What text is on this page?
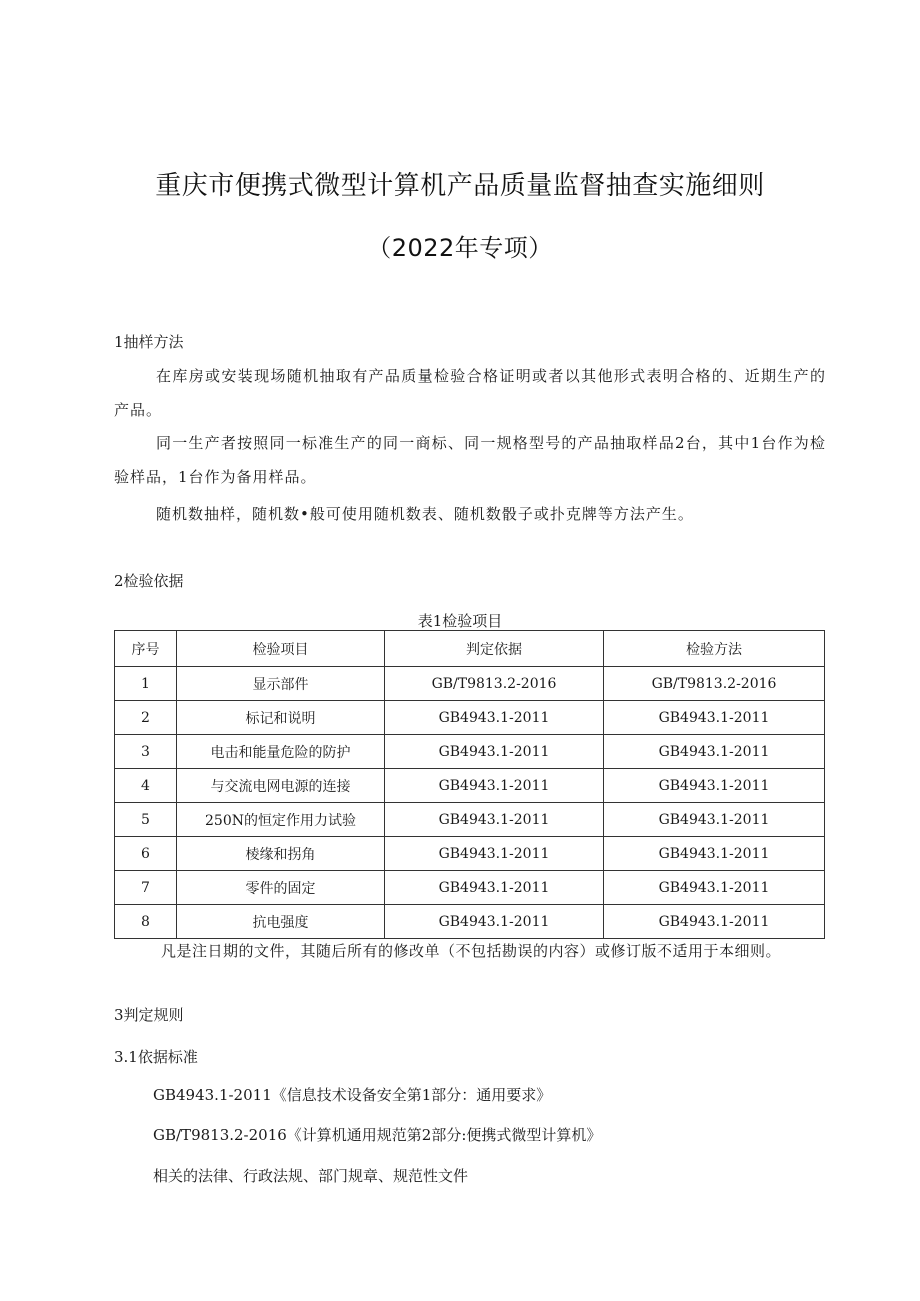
重庆市便携式微型计算机产品质量监督抽查实施细则
（2022年专项）
1抽样方法
在库房或安装现场随机抽取有产品质量检验合格证明或者以其他形式表明合格的、近期生产的产品。
同一生产者按照同一标准生产的同一商标、同一规格型号的产品抽取样品2台，其中1台作为检验样品，1台作为备用样品。
随机数抽样，随机数•般可使用随机数表、随机数骰子或扑克牌等方法产生。
2检验依据
表1检验项目
序号	检验项目	判定依据	检验方法
1	显示部件	GB/T9813.2-2016	GB/T9813.2-2016
2	标记和说明	GB4943.1-2011	GB4943.1-2011
3	电击和能量危险的防护	GB4943.1-2011	GB4943.1-2011
4	与交流电网电源的连接	GB4943.1-2011	GB4943.1-2011
5	250N的恒定作用力试验	GB4943.1-2011	GB4943.1-2011
6	棱缘和拐角	GB4943.1-2011	GB4943.1-2011
7	零件的固定	GB4943.1-2011	GB4943.1-2011
8	抗电强度	GB4943.1-2011	GB4943.1-2011
凡是注日期的文件，其随后所有的修改单（不包括勘误的内容）或修订版不适用于本细则。
3判定规则
3.1依据标准
GB4943.1-2011《信息技术设备安全第1部分：通用要求》
GB/T9813.2-2016《计算机通用规范第2部分:便携式微型计算机》
相关的法律、行政法规、部门规章、规范性文件
